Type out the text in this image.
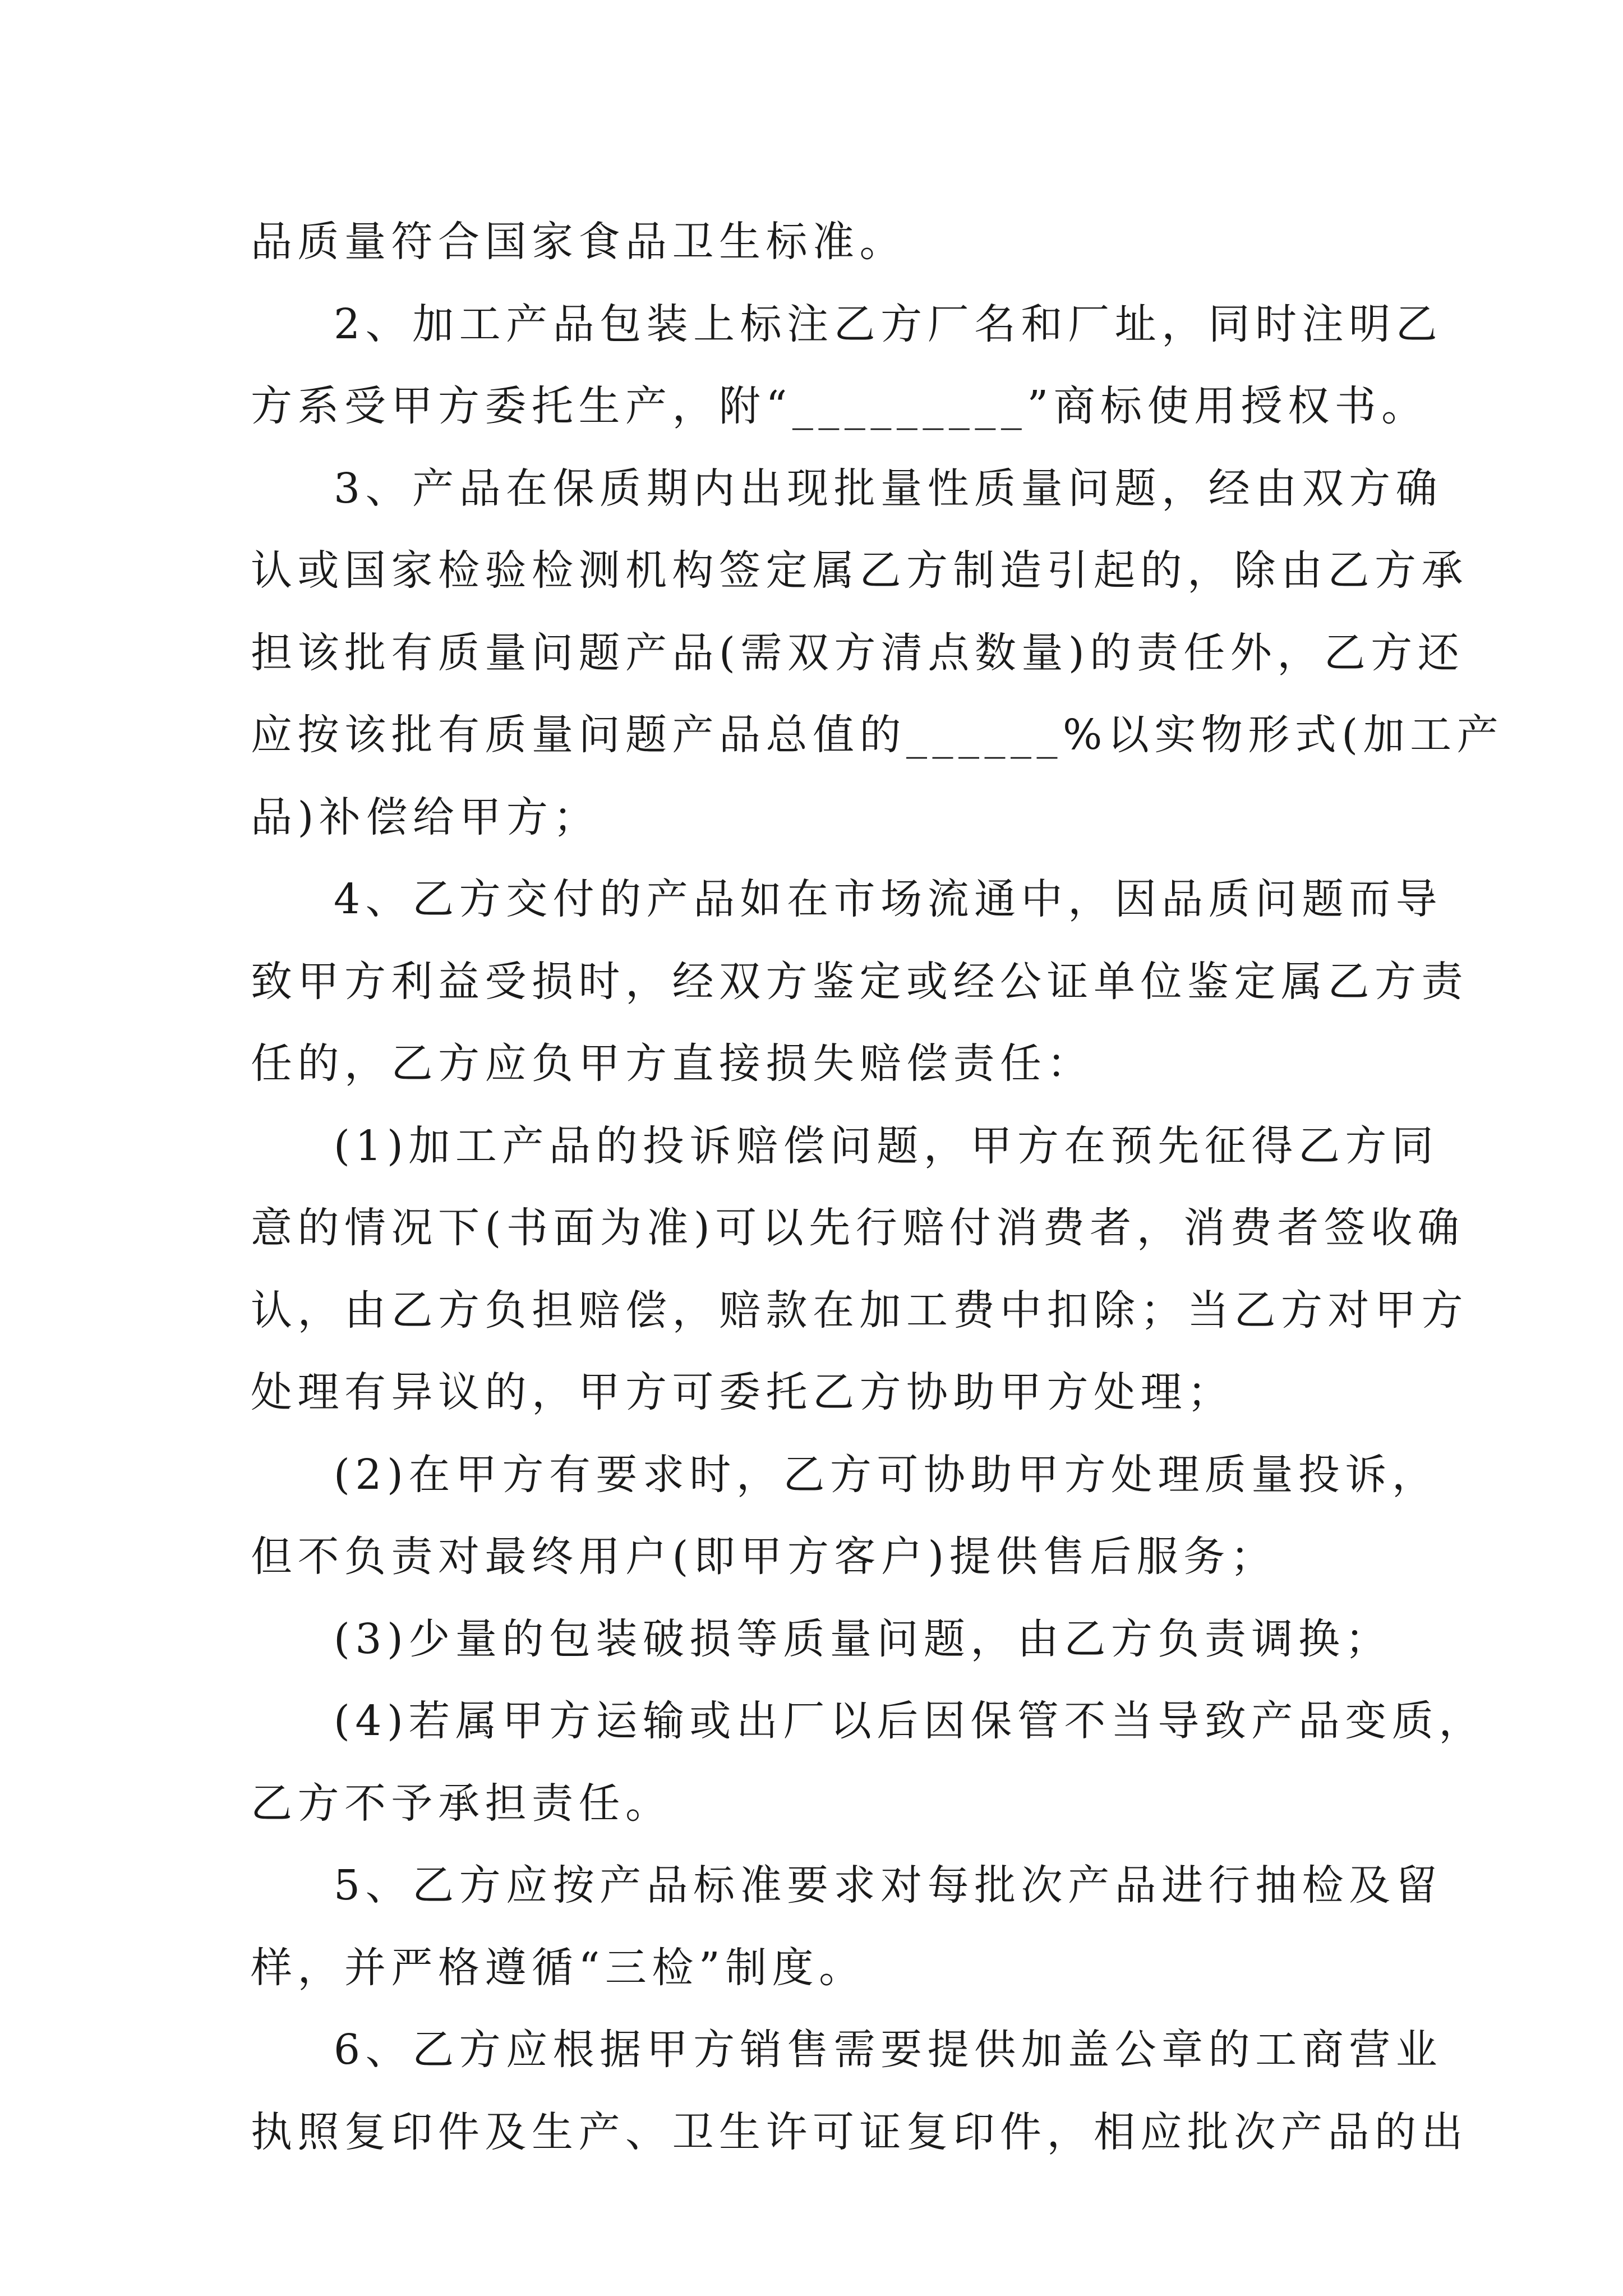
品质量符合国家食品卫生标准。
2、加工产品包装上标注乙方厂名和厂址，同时注明乙
方系受甲方委托生产，附“_________”商标使用授权书。
3、产品在保质期内出现批量性质量问题，经由双方确
认或国家检验检测机构签定属乙方制造引起的，除由乙方承
担该批有质量问题产品(需双方清点数量)的责任外，乙方还
应按该批有质量问题产品总值的______%以实物形式(加工产
品)补偿给甲方；
4、乙方交付的产品如在市场流通中，因品质问题而导
致甲方利益受损时，经双方鉴定或经公证单位鉴定属乙方责
任的，乙方应负甲方直接损失赔偿责任：
(1)加工产品的投诉赔偿问题，甲方在预先征得乙方同
意的情况下(书面为准)可以先行赔付消费者，消费者签收确
认，由乙方负担赔偿，赔款在加工费中扣除；当乙方对甲方
处理有异议的，甲方可委托乙方协助甲方处理；
(2)在甲方有要求时，乙方可协助甲方处理质量投诉，
但不负责对最终用户(即甲方客户)提供售后服务；
(3)少量的包装破损等质量问题，由乙方负责调换；
(4)若属甲方运输或出厂以后因保管不当导致产品变质，
乙方不予承担责任。
5、乙方应按产品标准要求对每批次产品进行抽检及留
样，并严格遵循“三检”制度。
6、乙方应根据甲方销售需要提供加盖公章的工商营业
执照复印件及生产、卫生许可证复印件，相应批次产品的出
